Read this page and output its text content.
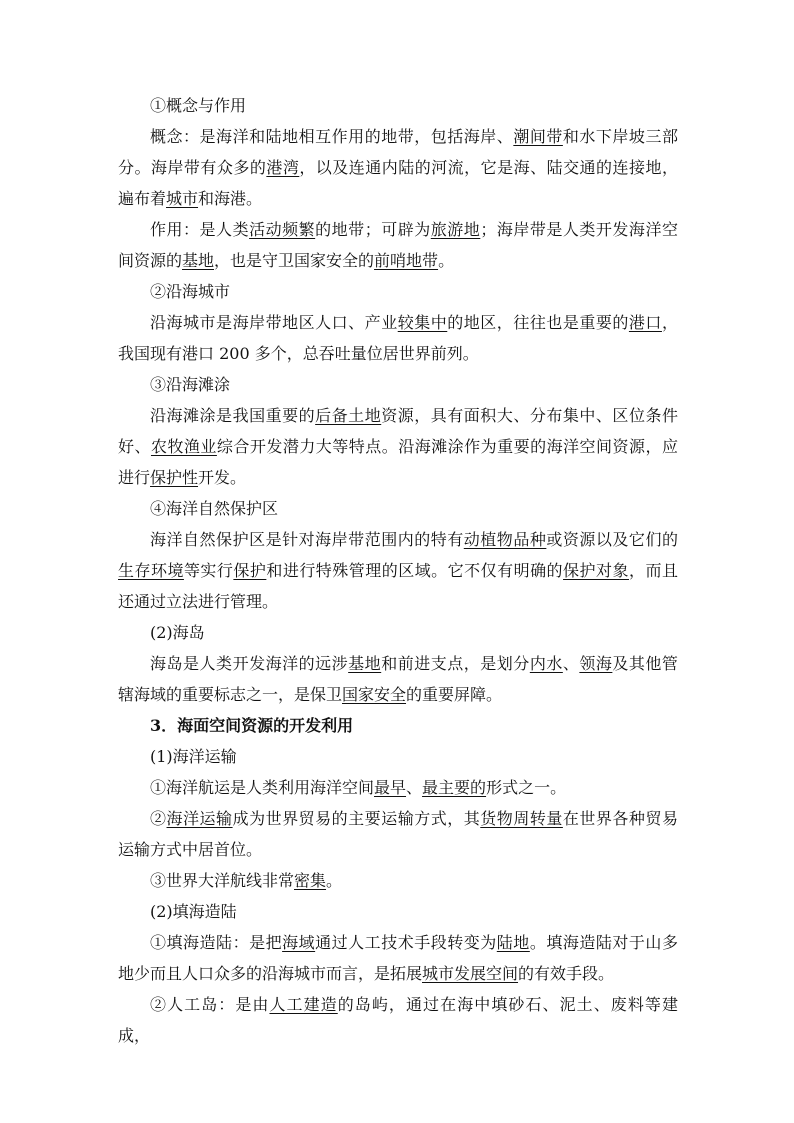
①概念与作用

概念：是海洋和陆地相互作用的地带，包括海岸、潮间带和水下岸坡三部分。海岸带有众多的港湾，以及连通内陆的河流，它是海、陆交通的连接地，遍布着城市和海港。

作用：是人类活动频繁的地带；可辟为旅游地；海岸带是人类开发海洋空间资源的基地，也是守卫国家安全的前哨地带。

②沿海城市

沿海城市是海岸带地区人口、产业较集中的地区，往往也是重要的港口，我国现有港口 200 多个，总吞吐量位居世界前列。

③沿海滩涂

沿海滩涂是我国重要的后备土地资源，具有面积大、分布集中、区位条件好、农牧渔业综合开发潜力大等特点。沿海滩涂作为重要的海洋空间资源，应进行保护性开发。

④海洋自然保护区

海洋自然保护区是针对海岸带范围内的特有动植物品种或资源以及它们的生存环境等实行保护和进行特殊管理的区域。它不仅有明确的保护对象，而且还通过立法进行管理。

(2)海岛

海岛是人类开发海洋的远涉基地和前进支点，是划分内水、领海及其他管辖海域的重要标志之一，是保卫国家安全的重要屏障。

3．海面空间资源的开发利用

(1)海洋运输

①海洋航运是人类利用海洋空间最早、最主要的形式之一。

②海洋运输成为世界贸易的主要运输方式，其货物周转量在世界各种贸易运输方式中居首位。

③世界大洋航线非常密集。

(2)填海造陆

①填海造陆：是把海域通过人工技术手段转变为陆地。填海造陆对于山多地少而且人口众多的沿海城市而言，是拓展城市发展空间的有效手段。

②人工岛：是由人工建造的岛屿，通过在海中填砂石、泥土、废料等建成，
